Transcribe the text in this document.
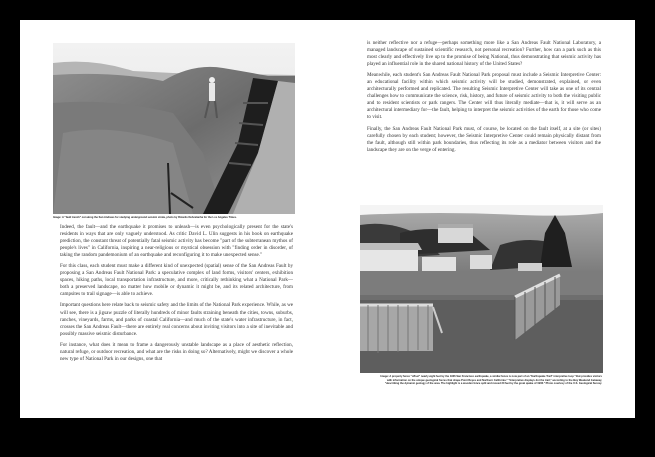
Image: A "fault trench" cut along the San Andreas for studying underground seismic strata, photo by Ricardo DeAratanha for the Los Angeles Times.

Indeed, the fault—and the earthquake it promises to unleash—is even psychologically present for the state's residents in ways that are only vaguely understood. As critic David L. Ulin suggests in his book on earthquake prediction, the constant threat of potentially fatal seismic activity has become "part of the subterranean mythos of people's lives" in California, inspiring a near-religious or mystical obsession with "finding order in disorder, of taking the random pandemonium of an earthquake and reconfiguring it to make unexpected sense."

For this class, each student must make a different kind of unexpected (spatial) sense of the San Andreas Fault by proposing a San Andreas Fault National Park: a speculative complex of land forms, visitors' centers, exhibition spaces, hiking paths, local transportation infrastructure, and more, critically rethinking what a National Park—both a preserved landscape, no matter how mobile or dynamic it might be, and its related architecture, from campsites to trail signage—is able to achieve.

Important questions here relate back to seismic safety and the limits of the National Park experience. While, as we will see, there is a jigsaw puzzle of literally hundreds of minor faults straining beneath the cities, towns, suburbs, ranches, vineyards, farms, and parks of coastal California—and much of the state's water infrastructure, in fact, crosses the San Andreas Fault—there are entirely real concerns about inviting visitors into a site of inevitable and possibly massive seismic disturbance.

For instance, what does it mean to frame a dangerously unstable landscape as a place of aesthetic reflection, natural refuge, or outdoor recreation, and what are the risks in doing so? Alternatively, might we discover a whole new type of National Park in our designs, one that

is neither reflective nor a refuge—perhaps something more like a San Andreas Fault National Laboratory, a managed landscape of sustained scientific research, not personal recreation? Further, how can a park such as this most clearly and effectively live up to the promise of being National, thus demonstrating that seismic activity has played an influential role in the shared national history of the United States?

Meanwhile, each student's San Andreas Fault National Park proposal must include a Seismic Interpretive Center: an educational facility within which seismic activity will be studied, demonstrated, explained, or even architecturally performed and replicated. The resulting Seismic Interpretive Center will take as one of its central challenges how to communicate the science, risk, history, and future of seismic activity to both the visiting public and to resident scientists or park rangers. The Center will thus literally mediate—that is, it will serve as an architectural intermediary for—the fault, helping to interpret the seismic activities of the earth for those who come to visit.

Finally, the San Andreas Fault National Park must, of course, be located on the fault itself, at a site (or sites) carefully chosen by each student; however, the Seismic Interpretive Center could remain physically distant from the fault, although still within park boundaries, thus reflecting its role as a mediator between visitors and the landscape they are on the verge of entering.

Image: A property fence "offset" nearly eight feet by the 1906 San Francisco earthquake, a similar fence is now part of an "Earthquake Trail" interpretive loop "that provides visitors with information on the unique geological forces that shape Point Reyes and Northern California." "Interpretive displays dot the trail," according to the Bay Weekend Getaway, "describing the dynamic geology of the area. The highlight is a wooden fence split and moved 20 feet by the great quake of 1906." Photo courtesy of the U.S. Geological Survey.
